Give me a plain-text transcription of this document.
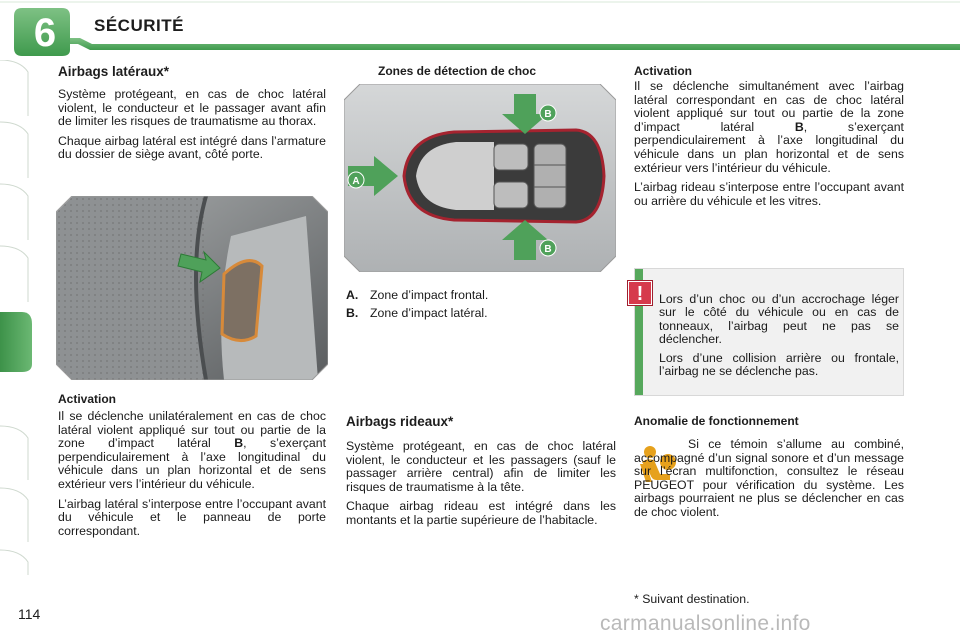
6	SÉCURITÉ
Airbags latéraux*

Système protégeant, en cas de choc latéral violent, le conducteur et le passager avant afin de limiter les risques de traumatisme au thorax.

Chaque airbag latéral est intégré dans l’armature du dossier de siège avant, côté porte.

Activation

Il se déclenche unilatéralement en cas de choc latéral violent appliqué sur tout ou partie de la zone d’impact latéral B, s’exerçant perpendiculairement à l’axe longitudinal du véhicule dans un plan horizontal et de sens extérieur vers l’intérieur du véhicule.

L’airbag latéral s’interpose entre l’occupant avant du véhicule et le panneau de porte correspondant.

Zones de détection de choc
A
B
B
A. Zone d’impact frontal.
B. Zone d’impact latéral.
Airbags rideaux*

Système protégeant, en cas de choc latéral violent, le conducteur et les passagers (sauf le passager arrière central) afin de limiter les risques de traumatisme à la tête.

Chaque airbag rideau est intégré dans les montants et la partie supérieure de l’habitacle.

Activation

Il se déclenche simultanément avec l’airbag latéral correspondant en cas de choc latéral violent appliqué sur tout ou partie de la zone d’impact latéral B, s’exerçant perpendiculairement à l’axe longitudinal du véhicule dans un plan horizontal et de sens extérieur vers l’intérieur du véhicule.

L’airbag rideau s’interpose entre l’occupant avant ou arrière du véhicule et les vitres.

Lors d’un choc ou d’un accrochage léger sur le côté du véhicule ou en cas de tonneaux, l’airbag peut ne pas se déclencher.

Lors d’une collision arrière ou frontale, l’airbag ne se déclenche pas.

!
Anomalie de fonctionnement
Si ce témoin s’allume au combiné, accompagné d’un signal sonore et d’un message sur l’écran multifonction, consultez le réseau PEUGEOT pour vérification du système. Les airbags pourraient ne plus se déclencher en cas de choc violent.
* Suivant destination.
114	carmanualsonline.info
